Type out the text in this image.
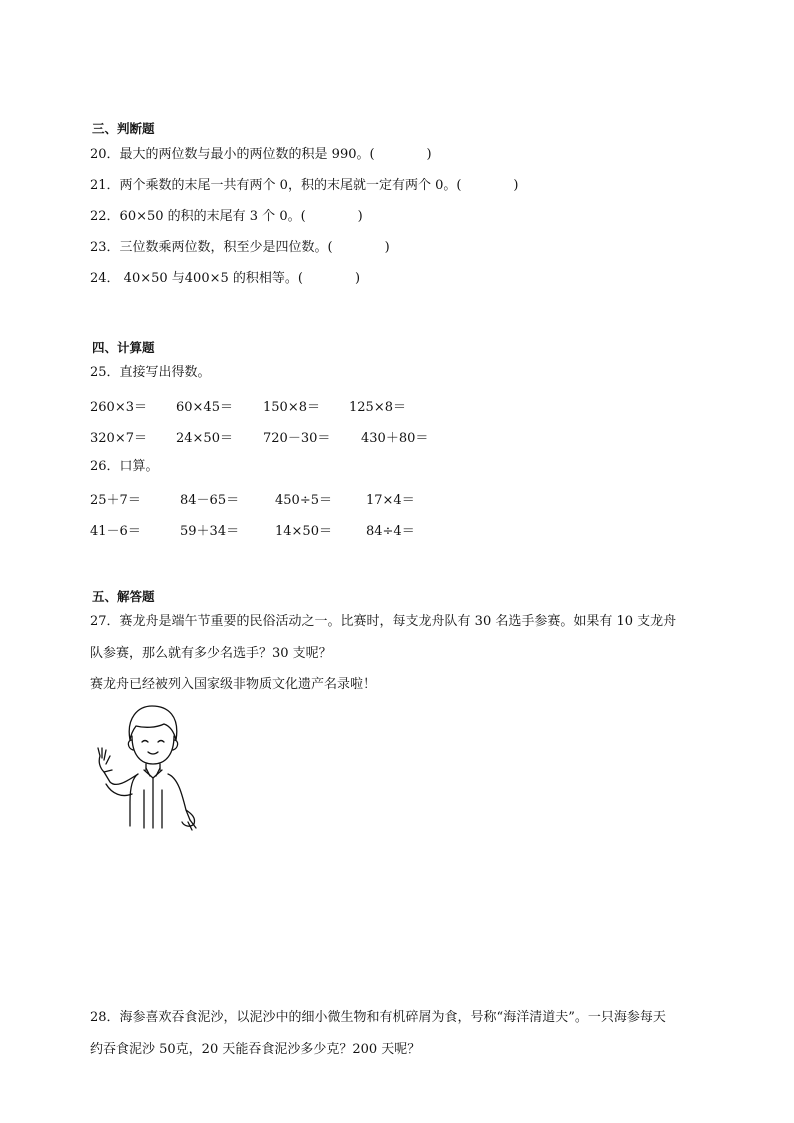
三、判断题
20．最大的两位数与最小的两位数的积是 990。(　　　　)
21．两个乘数的末尾一共有两个 0，积的末尾就一定有两个 0。(　　　　)
22．60×50 的积的末尾有 3 个 0。(　　　　)
23．三位数乘两位数，积至少是四位数。(　　　　)
24． 40×50 与400×5 的积相等。(　　　　)
四、计算题
25．直接写出得数。
260×3＝ 60×45＝ 150×8＝ 125×8＝
320×7＝ 24×50＝ 720－30＝ 430＋80＝
26．口算。
25＋7＝	84－65＝	450÷5＝	17×4＝
41－6＝	59＋34＝	14×50＝	84÷4＝
五、解答题
27．赛龙舟是端午节重要的民俗活动之一。比赛时，每支龙舟队有 30 名选手参赛。如果有 10 支龙舟
队参赛，那么就有多少名选手？30 支呢？
赛龙舟已经被列入国家级非物质文化遗产名录啦！
28．海参喜欢吞食泥沙，以泥沙中的细小微生物和有机碎屑为食，号称“海洋清道夫”。一只海参每天
约吞食泥沙 50克，20 天能吞食泥沙多少克？200 天呢？
